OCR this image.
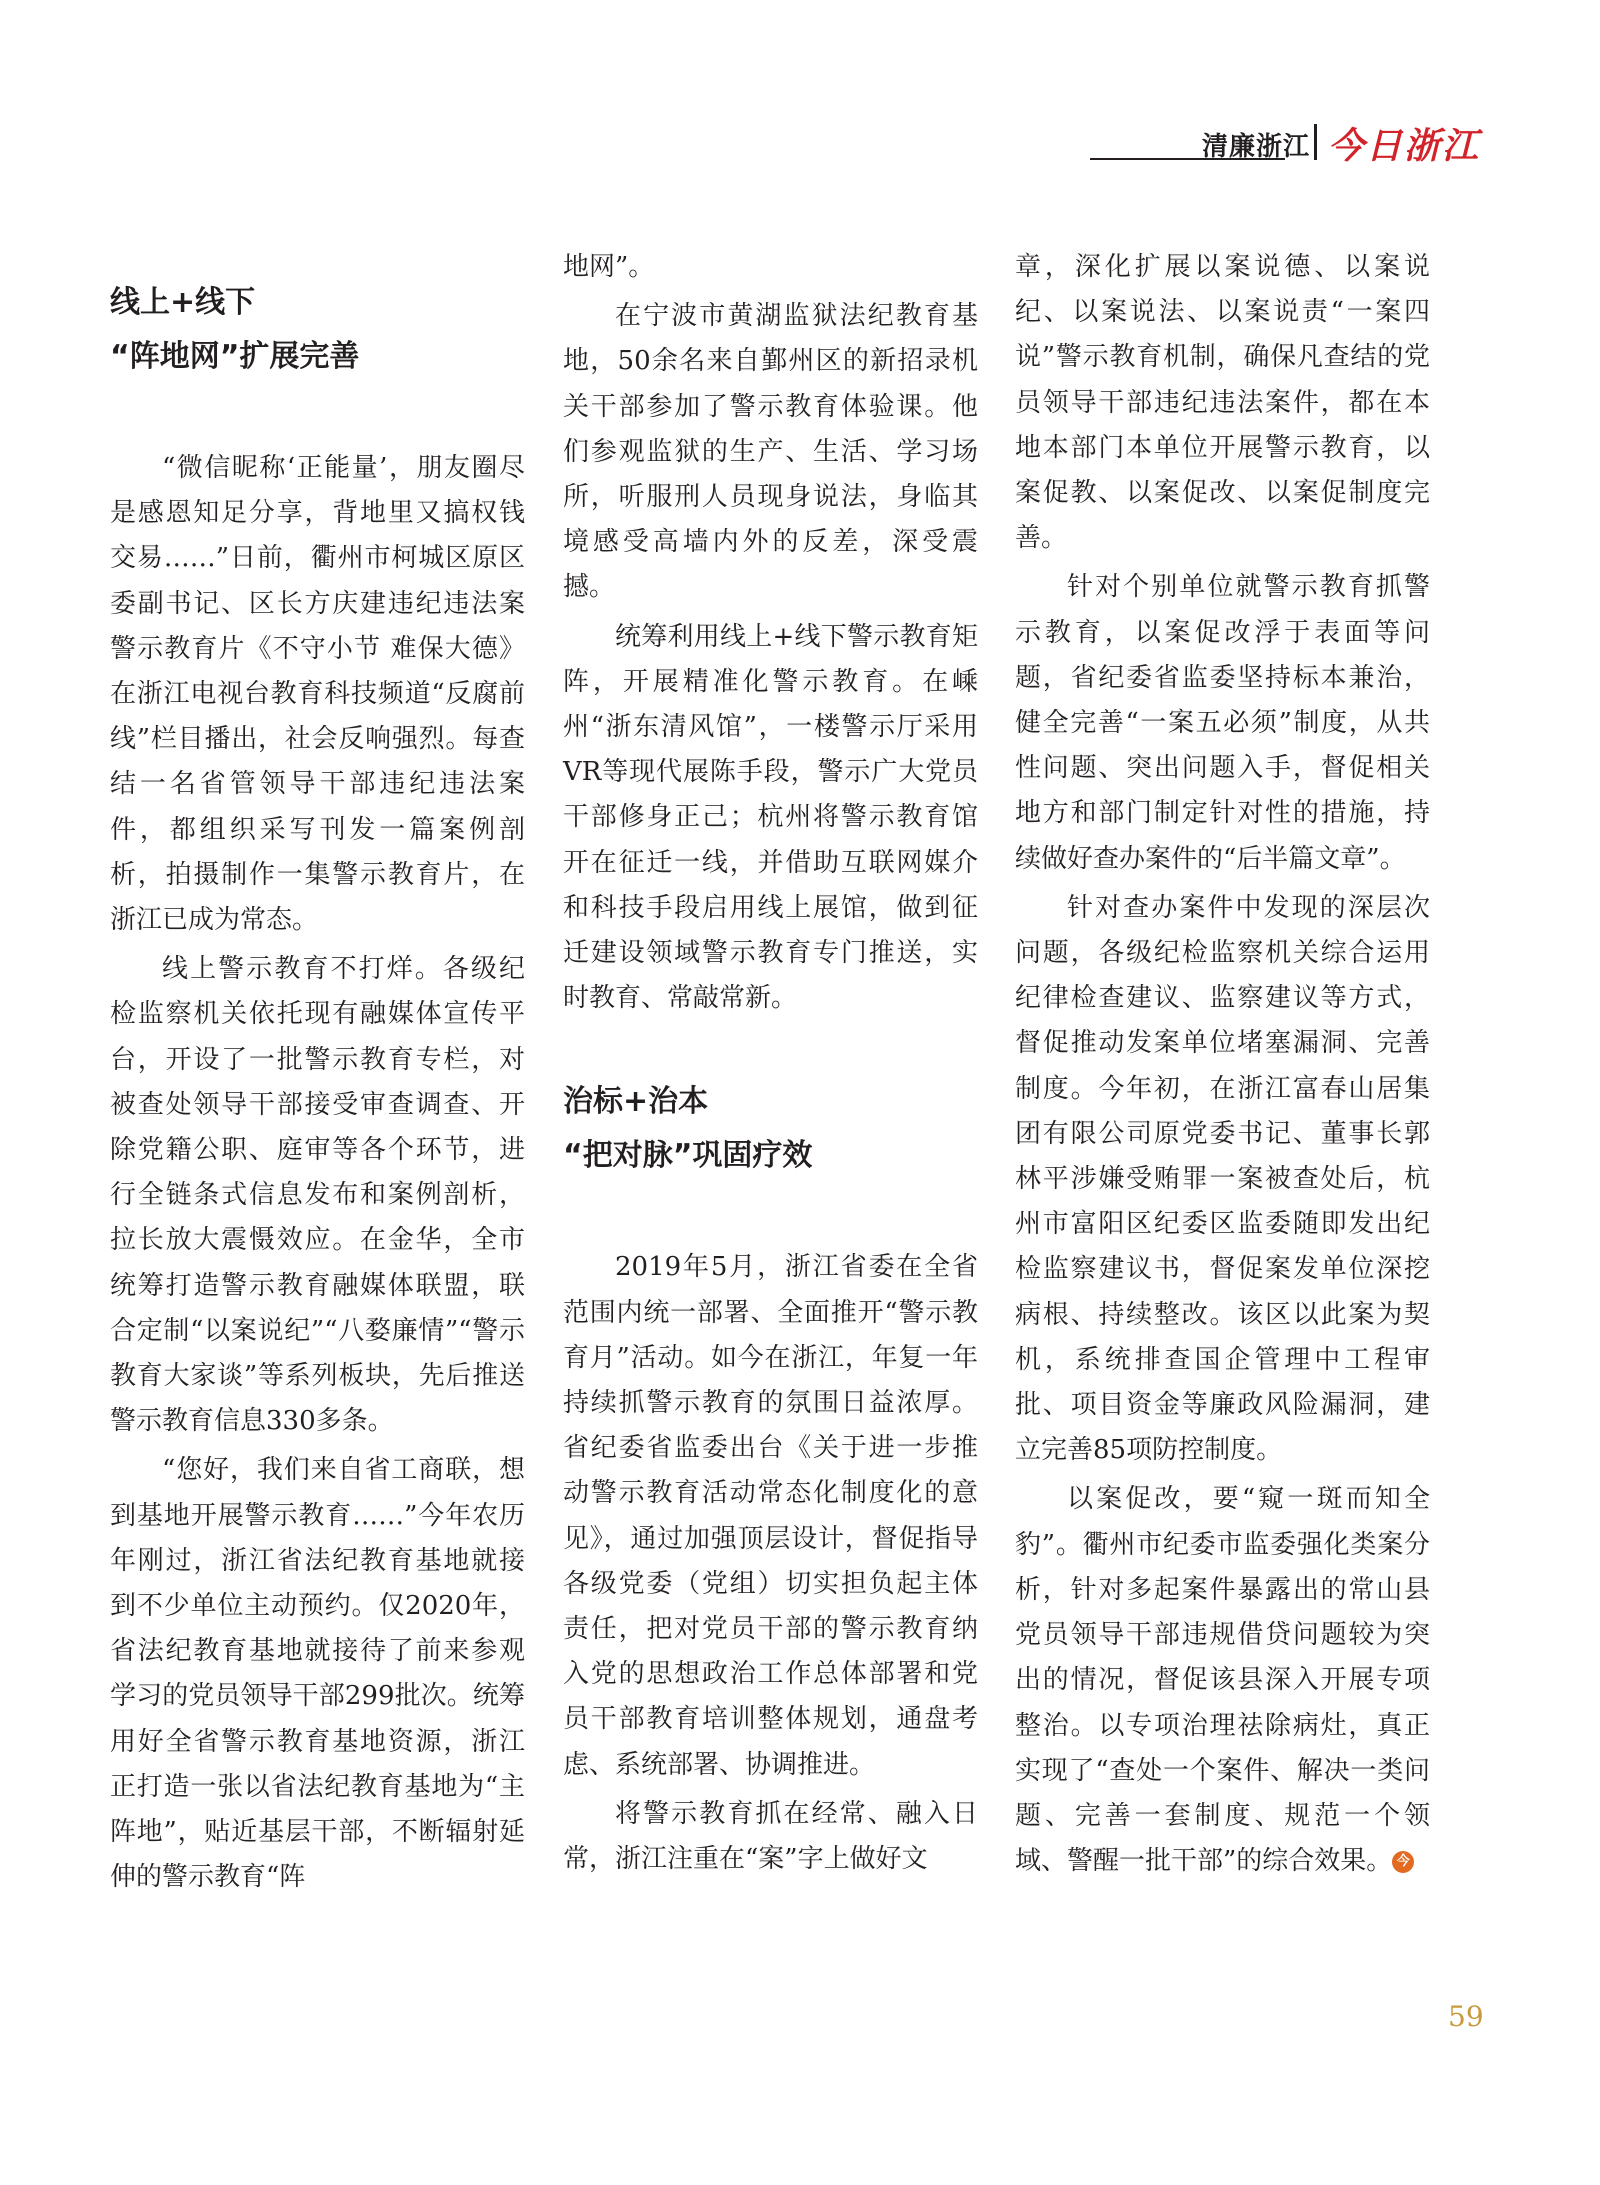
清廉浙江 今日浙江
线上+线下
“阵地网”扩展完善

“微信昵称‘正能量’，朋友圈尽是感恩知足分享，背地里又搞权钱交易……”日前，衢州市柯城区原区委副书记、区长方庆建违纪违法案警示教育片《不守小节 难保大德》在浙江电视台教育科技频道“反腐前线”栏目播出，社会反响强烈。每查结一名省管领导干部违纪违法案件，都组织采写刊发一篇案例剖析，拍摄制作一集警示教育片，在浙江已成为常态。

线上警示教育不打烊。各级纪检监察机关依托现有融媒体宣传平台，开设了一批警示教育专栏，对被查处领导干部接受审查调查、开除党籍公职、庭审等各个环节，进行全链条式信息发布和案例剖析，拉长放大震慑效应。在金华，全市统筹打造警示教育融媒体联盟，联合定制“以案说纪”“八婺廉情”“警示教育大家谈”等系列板块，先后推送警示教育信息330多条。

“您好，我们来自省工商联，想到基地开展警示教育……”今年农历年刚过，浙江省法纪教育基地就接到不少单位主动预约。仅2020年，省法纪教育基地就接待了前来参观学习的党员领导干部299批次。统筹用好全省警示教育基地资源，浙江正打造一张以省法纪教育基地为“主阵地”，贴近基层干部，不断辐射延伸的警示教育“阵

地网”。

在宁波市黄湖监狱法纪教育基地，50余名来自鄞州区的新招录机关干部参加了警示教育体验课。他们参观监狱的生产、生活、学习场所，听服刑人员现身说法，身临其境感受高墙内外的反差，深受震撼。

统筹利用线上+线下警示教育矩阵，开展精准化警示教育。在嵊州“浙东清风馆”，一楼警示厅采用VR等现代展陈手段，警示广大党员干部修身正己；杭州将警示教育馆开在征迁一线，并借助互联网媒介和科技手段启用线上展馆，做到征迁建设领域警示教育专门推送，实时教育、常敲常新。

治标+治本
“把对脉”巩固疗效

2019年5月，浙江省委在全省范围内统一部署、全面推开“警示教育月”活动。如今在浙江，年复一年持续抓警示教育的氛围日益浓厚。省纪委省监委出台《关于进一步推动警示教育活动常态化制度化的意见》，通过加强顶层设计，督促指导各级党委（党组）切实担负起主体责任，把对党员干部的警示教育纳入党的思想政治工作总体部署和党员干部教育培训整体规划，通盘考虑、系统部署、协调推进。

将警示教育抓在经常、融入日常，浙江注重在“案”字上做好文

章，深化扩展以案说德、以案说纪、以案说法、以案说责“一案四说”警示教育机制，确保凡查结的党员领导干部违纪违法案件，都在本地本部门本单位开展警示教育，以案促教、以案促改、以案促制度完善。

针对个别单位就警示教育抓警示教育，以案促改浮于表面等问题，省纪委省监委坚持标本兼治，健全完善“一案五必须”制度，从共性问题、突出问题入手，督促相关地方和部门制定针对性的措施，持续做好查办案件的“后半篇文章”。

针对查办案件中发现的深层次问题，各级纪检监察机关综合运用纪律检查建议、监察建议等方式，督促推动发案单位堵塞漏洞、完善制度。今年初，在浙江富春山居集团有限公司原党委书记、董事长郭林平涉嫌受贿罪一案被查处后，杭州市富阳区纪委区监委随即发出纪检监察建议书，督促案发单位深挖病根、持续整改。该区以此案为契机，系统排查国企管理中工程审批、项目资金等廉政风险漏洞，建立完善85项防控制度。

以案促改，要“窥一斑而知全豹”。衢州市纪委市监委强化类案分析，针对多起案件暴露出的常山县党员领导干部违规借贷问题较为突出的情况，督促该县深入开展专项整治。以专项治理祛除病灶，真正实现了“查处一个案件、解决一类问题、完善一套制度、规范一个领域、警醒一批干部”的综合效果。 今

59
